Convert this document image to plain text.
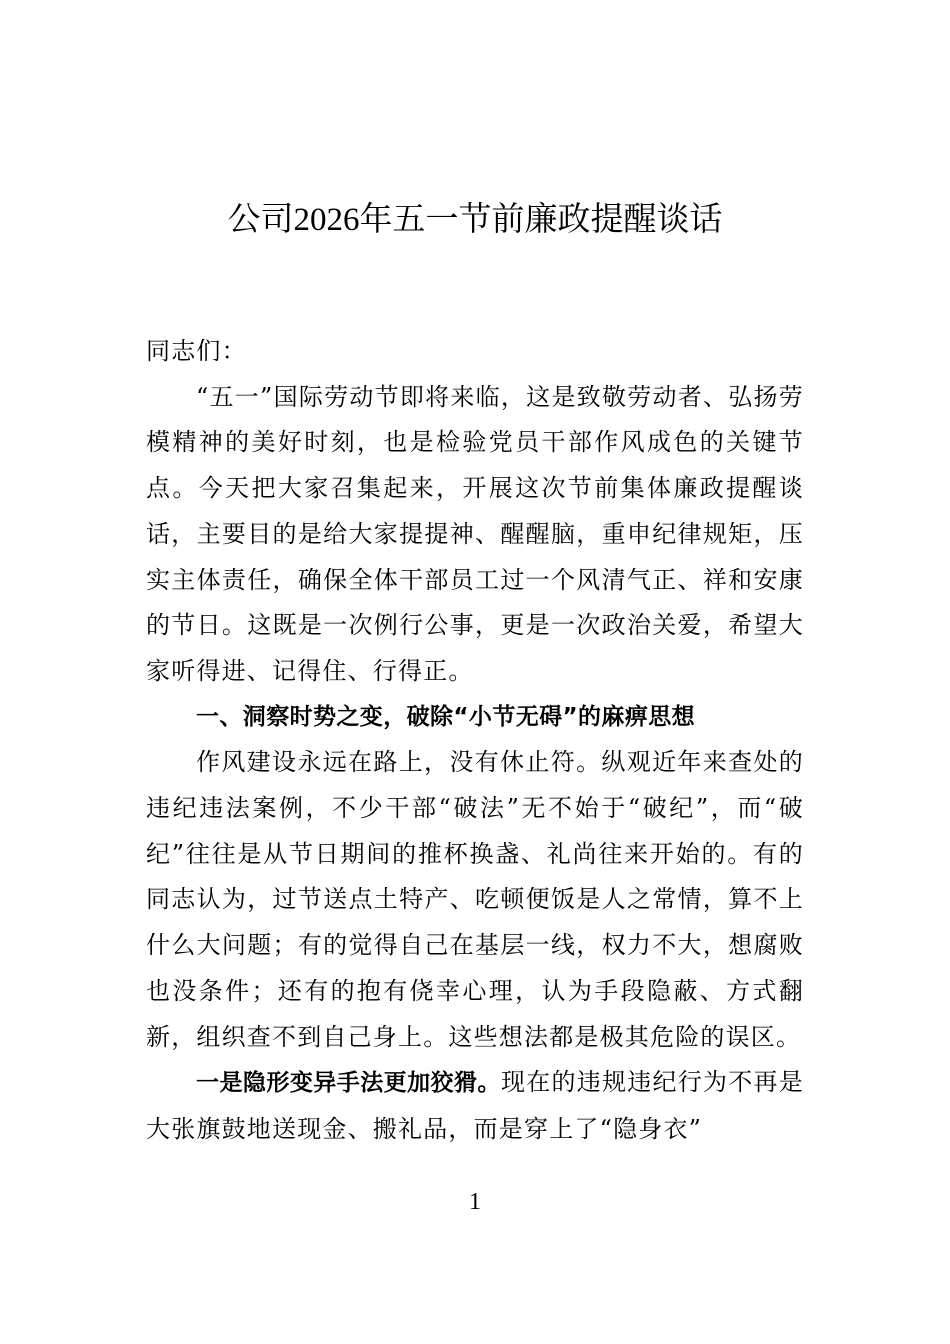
公司2026年五一节前廉政提醒谈话

同志们：

“五一”国际劳动节即将来临，这是致敬劳动者、弘扬劳模精神的美好时刻，也是检验党员干部作风成色的关键节点。今天把大家召集起来，开展这次节前集体廉政提醒谈话，主要目的是给大家提提神、醒醒脑，重申纪律规矩，压实主体责任，确保全体干部员工过一个风清气正、祥和安康的节日。这既是一次例行公事，更是一次政治关爱，希望大家听得进、记得住、行得正。

一、洞察时势之变，破除“小节无碍”的麻痹思想

作风建设永远在路上，没有休止符。纵观近年来查处的违纪违法案例，不少干部“破法”无不始于“破纪”，而“破纪”往往是从节日期间的推杯换盏、礼尚往来开始的。有的同志认为，过节送点土特产、吃顿便饭是人之常情，算不上什么大问题；有的觉得自己在基层一线，权力不大，想腐败也没条件；还有的抱有侥幸心理，认为手段隐蔽、方式翻新，组织查不到自己身上。这些想法都是极其危险的误区。

一是隐形变异手法更加狡猾。现在的违规违纪行为不再是大张旗鼓地送现金、搬礼品，而是穿上了“隐身衣”

1
